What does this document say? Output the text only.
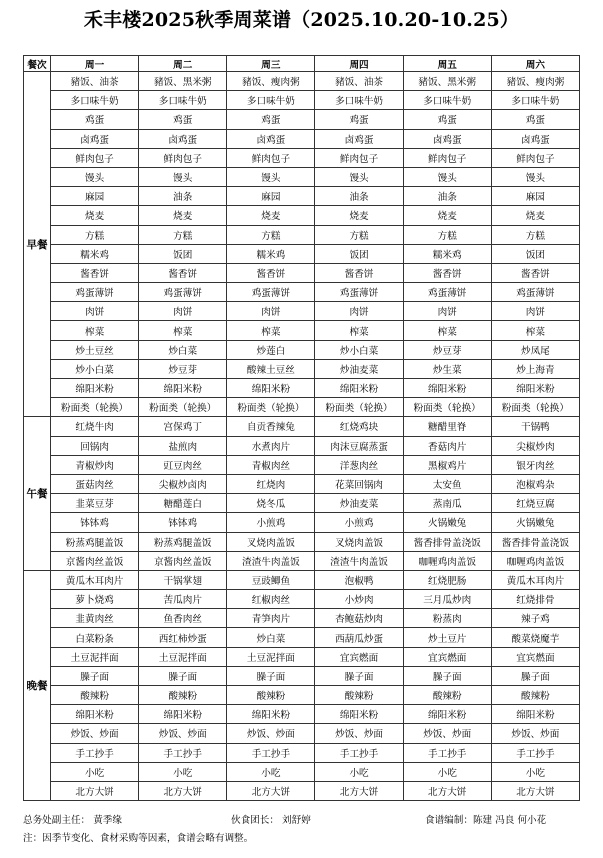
禾丰楼2025秋季周菜谱（2025.10.20-10.25）
餐次	周一	周二	周三	周四	周五	周六
早餐	豬饭、油茶	豬饭、黑米粥	豬饭、瘦肉粥	豬饭、油茶	豬饭、黑米粥	豬饭、瘦肉粥
	多口味牛奶	多口味牛奶	多口味牛奶	多口味牛奶	多口味牛奶	多口味牛奶
	鸡蛋	鸡蛋	鸡蛋	鸡蛋	鸡蛋	鸡蛋
	卤鸡蛋	卤鸡蛋	卤鸡蛋	卤鸡蛋	卤鸡蛋	卤鸡蛋
	鲜肉包子	鲜肉包子	鲜肉包子	鲜肉包子	鲜肉包子	鲜肉包子
	馒头	馒头	馒头	馒头	馒头	馒头
	麻园	油条	麻园	油条	油条	麻园
	烧麦	烧麦	烧麦	烧麦	烧麦	烧麦
	方糕	方糕	方糕	方糕	方糕	方糕
	糯米鸡	饭团	糯米鸡	饭团	糯米鸡	饭团
	酱香饼	酱香饼	酱香饼	酱香饼	酱香饼	酱香饼
	鸡蛋薄饼	鸡蛋薄饼	鸡蛋薄饼	鸡蛋薄饼	鸡蛋薄饼	鸡蛋薄饼
	肉饼	肉饼	肉饼	肉饼	肉饼	肉饼
	榨菜	榨菜	榨菜	榨菜	榨菜	榨菜
	炒土豆丝	炒白菜	炒莲白	炒小白菜	炒豆芽	炒凤尾
	炒小白菜	炒豆芽	酸辣土豆丝	炒油麦菜	炒生菜	炒上海青
	绵阳米粉	绵阳米粉	绵阳米粉	绵阳米粉	绵阳米粉	绵阳米粉
	粉面类（轮换）	粉面类（轮换）	粉面类（轮换）	粉面类（轮换）	粉面类（轮换）	粉面类（轮换）
午餐	红烧牛肉	宫保鸡丁	自贡香辣兔	红烧鸡块	糖醋里脊	干锅鸭
	回锅肉	盐煎肉	水煮肉片	肉沫豆腐蒸蛋	香菇肉片	尖椒炒肉
	青椒炒肉	豇豆肉丝	青椒肉丝	洋葱肉丝	黑椒鸡片	银牙肉丝
	蛋菇肉丝	尖椒炒卤肉	红烧肉	花菜回锅肉	太安鱼	泡椒鸡杂
	韭菜豆芽	糖醋莲白	烧冬瓜	炒油麦菜	蒸南瓜	红烧豆腐
	钵钵鸡	钵钵鸡	小煎鸡	小煎鸡	火锅嫩兔	火锅嫩兔
	粉蒸鸡腿盖饭	粉蒸鸡腿盖饭	叉烧肉盖饭	叉烧肉盖饭	酱香排骨盖浇饭	酱香排骨盖浇饭
	京酱肉丝盖饭	京酱肉丝盖饭	渣渣牛肉盖饭	渣渣牛肉盖饭	咖喱鸡肉盖饭	咖喱鸡肉盖饭
晚餐	黄瓜木耳肉片	干锅掌翅	豆豉鲫鱼	泡椒鸭	红烧肥肠	黄瓜木耳肉片
	萝卜烧鸡	苦瓜肉片	红椒肉丝	小炒肉	三月瓜炒肉	红烧排骨
	韭黄肉丝	鱼香肉丝	青笋肉片	杏鲍菇炒肉	粉蒸肉	辣子鸡
	白菜粉条	西红柿炒蛋	炒白菜	西葫瓜炒蛋	炒土豆片	酸菜烧魔芋
	土豆泥拌面	土豆泥拌面	土豆泥拌面	宜宾燃面	宜宾燃面	宜宾燃面
	臊子面	臊子面	臊子面	臊子面	臊子面	臊子面
	酸辣粉	酸辣粉	酸辣粉	酸辣粉	酸辣粉	酸辣粉
	绵阳米粉	绵阳米粉	绵阳米粉	绵阳米粉	绵阳米粉	绵阳米粉
	炒饭、炒面	炒饭、炒面	炒饭、炒面	炒饭、炒面	炒饭、炒面	炒饭、炒面
	手工抄手	手工抄手	手工抄手	手工抄手	手工抄手	手工抄手
	小吃	小吃	小吃	小吃	小吃	小吃
	北方大饼	北方大饼	北方大饼	北方大饼	北方大饼	北方大饼
总务处副主任： 黄季缘	伙食团长： 刘舒婷	食谱编制：陈建 冯良 何小花
注：因季节变化、食材采购等因素，食谱会略有调整。
